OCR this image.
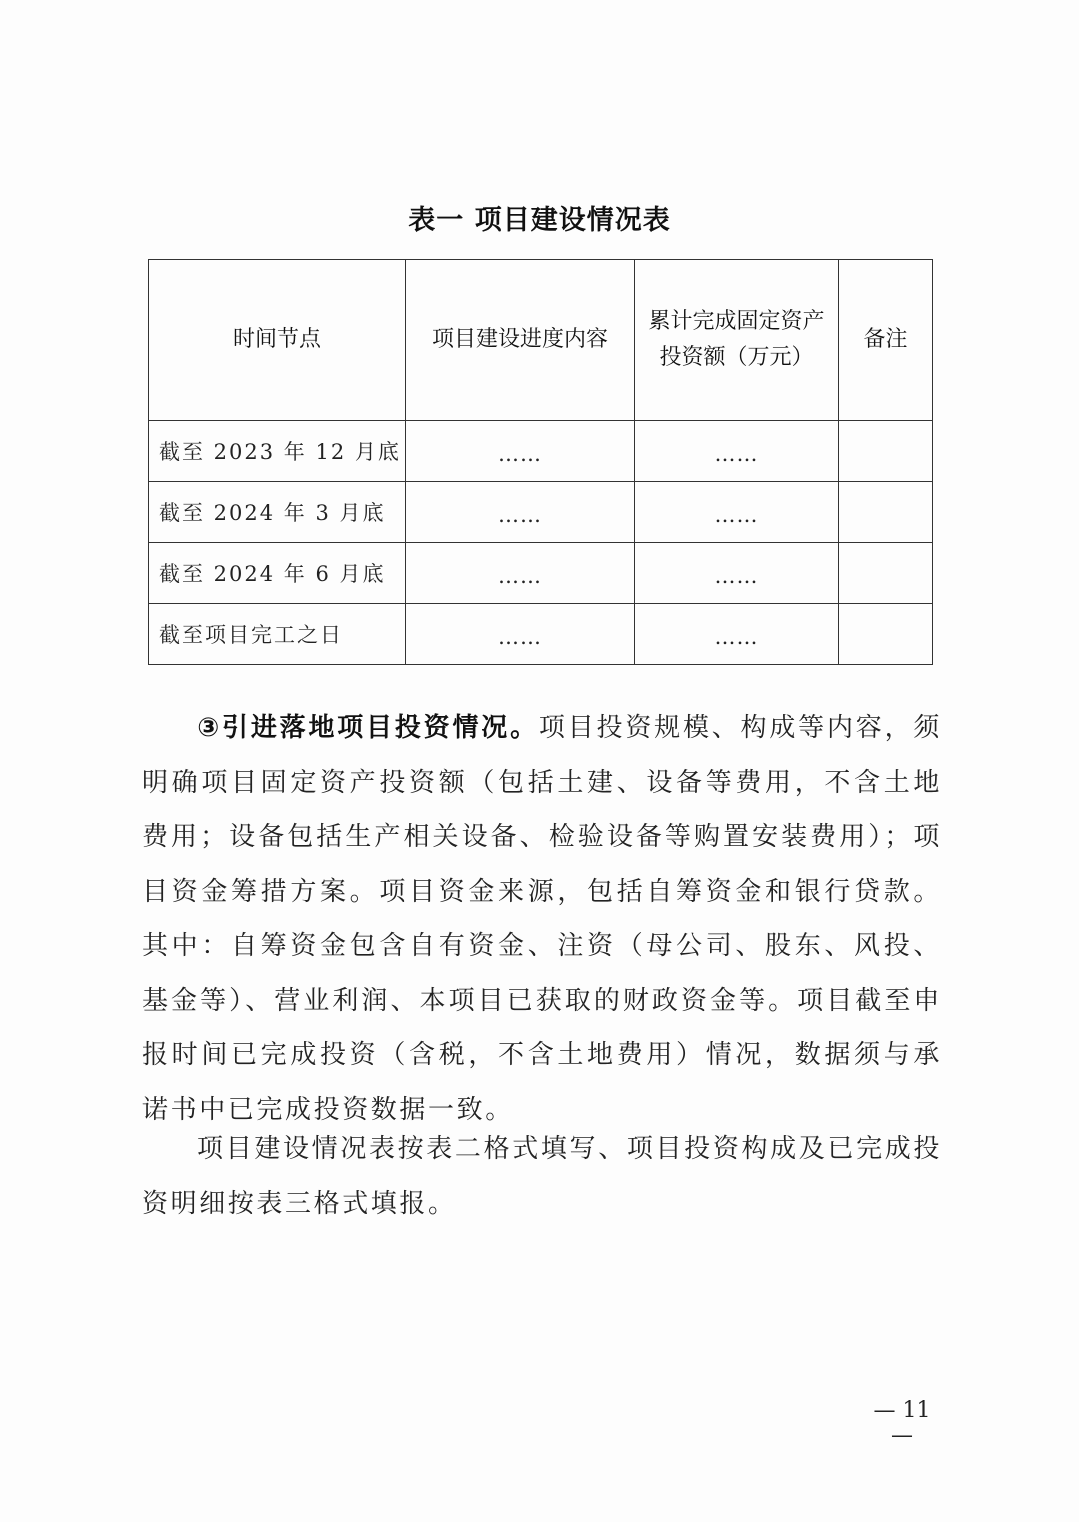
表一 项目建设情况表
时间节点	项目建设进度内容	累计完成固定资产投资额（万元）	备注
截至 2023 年 12 月底	……	……	
截至 2024 年 3 月底	……	……	
截至 2024 年 6 月底	……	……	
截至项目完工之日	……	……	
③引进落地项目投资情况。项目投资规模、构成等内容，须明确项目固定资产投资额（包括土建、设备等费用，不含土地费用；设备包括生产相关设备、检验设备等购置安装费用）；项目资金筹措方案。项目资金来源，包括自筹资金和银行贷款。其中：自筹资金包含自有资金、注资（母公司、股东、风投、基金等）、营业利润、本项目已获取的财政资金等。项目截至申报时间已完成投资（含税，不含土地费用）情况，数据须与承诺书中已完成投资数据一致。
项目建设情况表按表二格式填写、项目投资构成及已完成投资明细按表三格式填报。
— 11 —
